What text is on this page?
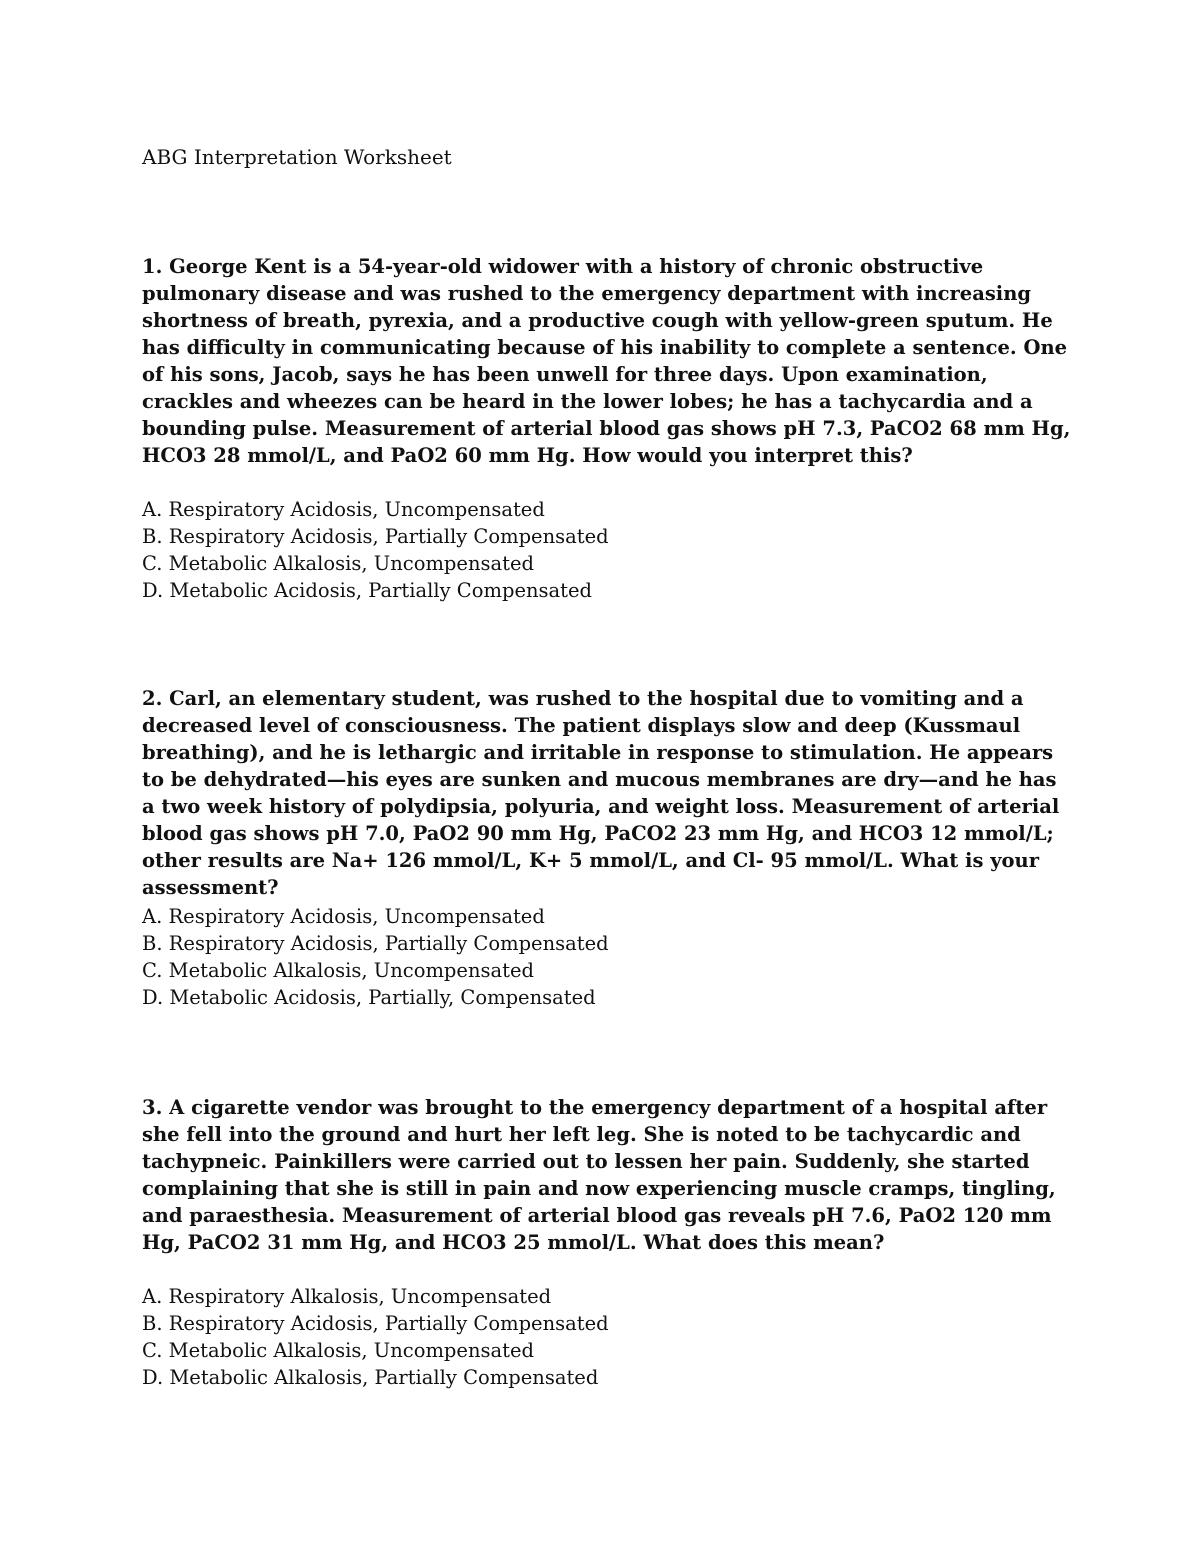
ABG Interpretation Worksheet

1. George Kent is a 54-year-old widower with a history of chronic obstructive pulmonary disease and was rushed to the emergency department with increasing shortness of breath, pyrexia, and a productive cough with yellow-green sputum. He has difficulty in communicating because of his inability to complete a sentence. One of his sons, Jacob, says he has been unwell for three days. Upon examination, crackles and wheezes can be heard in the lower lobes; he has a tachycardia and a bounding pulse. Measurement of arterial blood gas shows pH 7.3, PaCO2 68 mm Hg, HCO3 28 mmol/L, and PaO2 60 mm Hg. How would you interpret this?

A. Respiratory Acidosis, Uncompensated
B. Respiratory Acidosis, Partially Compensated
C. Metabolic Alkalosis, Uncompensated
D. Metabolic Acidosis, Partially Compensated

2. Carl, an elementary student, was rushed to the hospital due to vomiting and a decreased level of consciousness. The patient displays slow and deep (Kussmaul breathing), and he is lethargic and irritable in response to stimulation. He appears to be dehydrated—his eyes are sunken and mucous membranes are dry—and he has a two week history of polydipsia, polyuria, and weight loss. Measurement of arterial blood gas shows pH 7.0, PaO2 90 mm Hg, PaCO2 23 mm Hg, and HCO3 12 mmol/L; other results are Na+ 126 mmol/L, K+ 5 mmol/L, and Cl- 95 mmol/L. What is your assessment?

A. Respiratory Acidosis, Uncompensated
B. Respiratory Acidosis, Partially Compensated
C. Metabolic Alkalosis, Uncompensated
D. Metabolic Acidosis, Partially, Compensated

3. A cigarette vendor was brought to the emergency department of a hospital after she fell into the ground and hurt her left leg. She is noted to be tachycardic and tachypneic. Painkillers were carried out to lessen her pain. Suddenly, she started complaining that she is still in pain and now experiencing muscle cramps, tingling, and paraesthesia. Measurement of arterial blood gas reveals pH 7.6, PaO2 120 mm Hg, PaCO2 31 mm Hg, and HCO3 25 mmol/L. What does this mean?

A. Respiratory Alkalosis, Uncompensated
B. Respiratory Acidosis, Partially Compensated
C. Metabolic Alkalosis, Uncompensated
D. Metabolic Alkalosis, Partially Compensated
